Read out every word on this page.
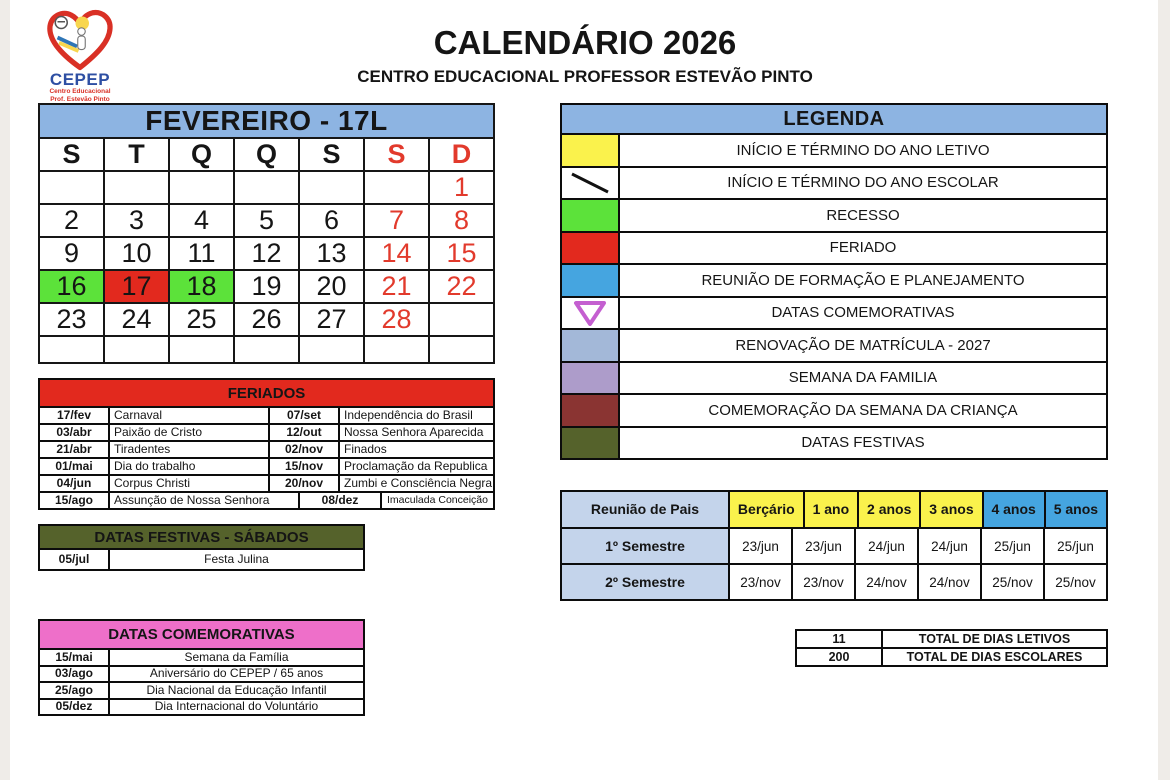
CEPEP
Centro Educacional
Prof. Estevão Pinto
CALENDÁRIO 2026
CENTRO EDUCACIONAL PROFESSOR ESTEVÃO PINTO
FEVEREIRO - 17L						
S	T	Q	Q	S	S	D
						1
2	3	4	5	6	7	8
9	10	11	12	13	14	15
16	17	18	19	20	21	22
23	24	25	26	27	28	

FERIADOS
17/fev	Carnaval	07/set	Independência do Brasil
03/abr	Paixão de Cristo	12/out	Nossa Senhora Aparecida
21/abr	Tiradentes	02/nov	Finados
01/mai	Dia do trabalho	15/nov	Proclamação da Republica
04/jun	Corpus Christi	20/nov	Zumbi e Consciência Negra
15/ago	Assunção de Nossa Senhora	08/dez	Imaculada Conceição
DATAS FESTIVAS - SÁBADOS
05/jul	Festa Julina
DATAS COMEMORATIVAS
15/mai	Semana da Família
03/ago	Aniversário do CEPEP / 65 anos
25/ago	Dia Nacional da Educação Infantil
05/dez	Dia Internacional do Voluntário
LEGENDA
INÍCIO E TÉRMINO DO ANO LETIVO
INÍCIO E TÉRMINO DO ANO ESCOLAR
RECESSO
FERIADO
REUNIÃO DE FORMAÇÃO E PLANEJAMENTO
DATAS COMEMORATIVAS
RENOVAÇÃO DE MATRÍCULA - 2027
SEMANA DA FAMILIA
COMEMORAÇÃO DA SEMANA DA CRIANÇA
DATAS FESTIVAS
Reunião de Pais	Berçário	1 ano	2 anos	3 anos	4 anos	5 anos
1º Semestre	23/jun	23/jun	24/jun	24/jun	25/jun	25/jun
2º Semestre	23/nov	23/nov	24/nov	24/nov	25/nov	25/nov
11	TOTAL DE DIAS LETIVOS
200	TOTAL DE DIAS ESCOLARES
